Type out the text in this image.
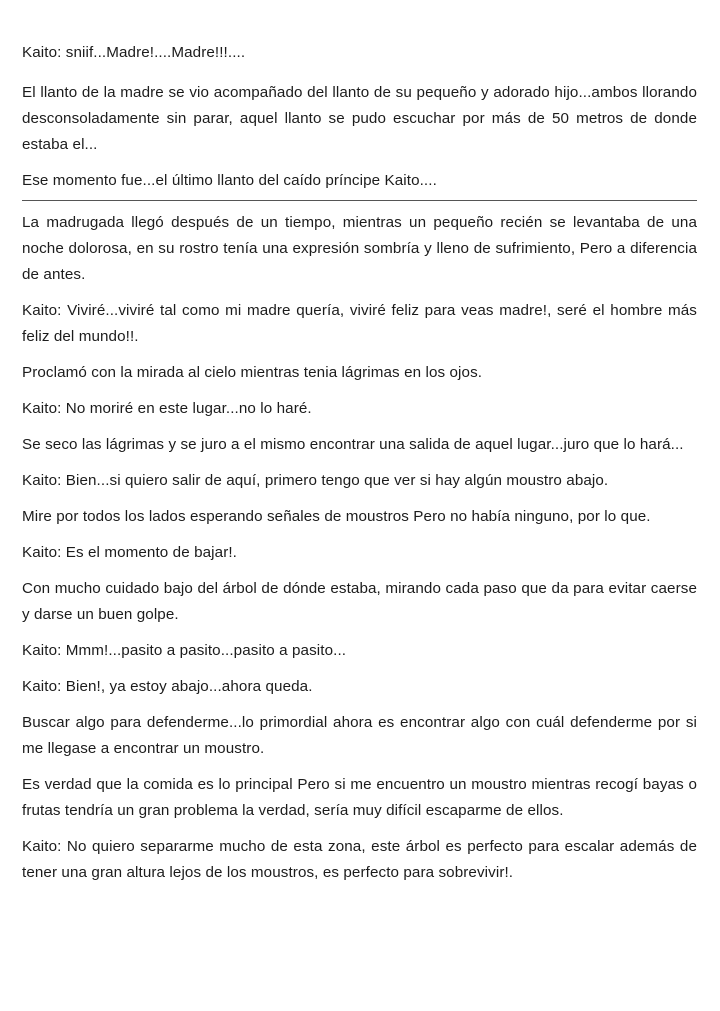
Kaito: sniif...Madre!....Madre!!!....

El llanto de la madre se vio acompañado del llanto de su pequeño y adorado hijo...ambos llorando desconsoladamente sin parar, aquel llanto se pudo escuchar por más de 50 metros de donde estaba el...

Ese momento fue...el último llanto del caído príncipe Kaito....

La madrugada llegó después de un tiempo, mientras un pequeño recién se levantaba de una noche dolorosa, en su rostro tenía una expresión sombría y lleno de sufrimiento, Pero a diferencia de antes.

Kaito: Viviré...viviré tal como mi madre quería, viviré feliz para veas madre!, seré el hombre más feliz del mundo!!.

Proclamó con la mirada al cielo mientras tenia lágrimas en los ojos.

Kaito: No moriré en este lugar...no lo haré.

Se seco las lágrimas y se juro a el mismo encontrar una salida de aquel lugar...juro que lo hará...

Kaito: Bien...si quiero salir de aquí, primero tengo que ver si hay algún moustro abajo.

Mire por todos los lados esperando señales de moustros Pero no había ninguno, por lo que.

Kaito: Es el momento de bajar!.

Con mucho cuidado bajo del árbol de dónde estaba, mirando cada paso que da para evitar caerse y darse un buen golpe.

Kaito: Mmm!...pasito a pasito...pasito a pasito...

Kaito: Bien!, ya estoy abajo...ahora queda.

Buscar algo para defenderme...lo primordial ahora es encontrar algo con cuál defenderme por si me llegase a encontrar un moustro.

Es verdad que la comida es lo principal Pero si me encuentro un moustro mientras recogí bayas o frutas tendría un gran problema la verdad, sería muy difícil escaparme de ellos.

Kaito: No quiero separarme mucho de esta zona, este árbol es perfecto para escalar además de tener una gran altura lejos de los moustros, es perfecto para sobrevivir!.
